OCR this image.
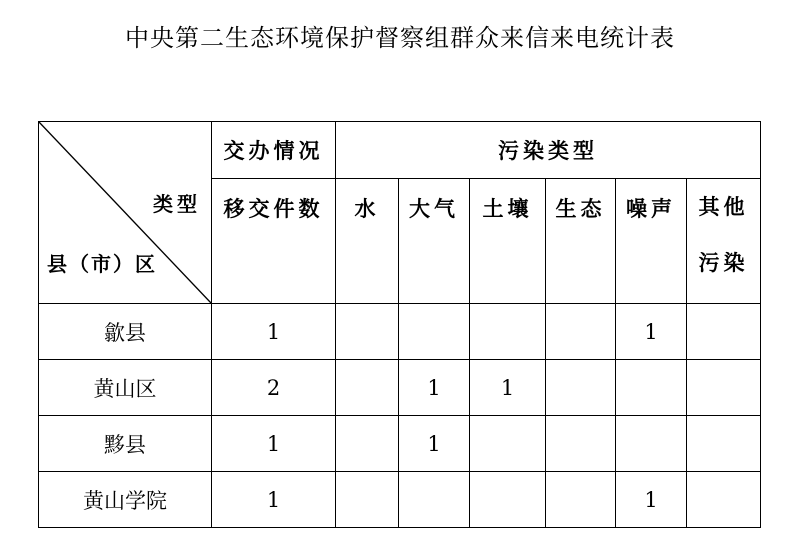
中央第二生态环境保护督察组群众来信来电统计表
类型
县（市）区	交办情况	污染类型					
	移交件数	水	大气	土壤	生态	噪声	其他
污染

歙县	1					1	
黄山区	2		1	1			
黟县	1		1				
黄山学院	1					1	
